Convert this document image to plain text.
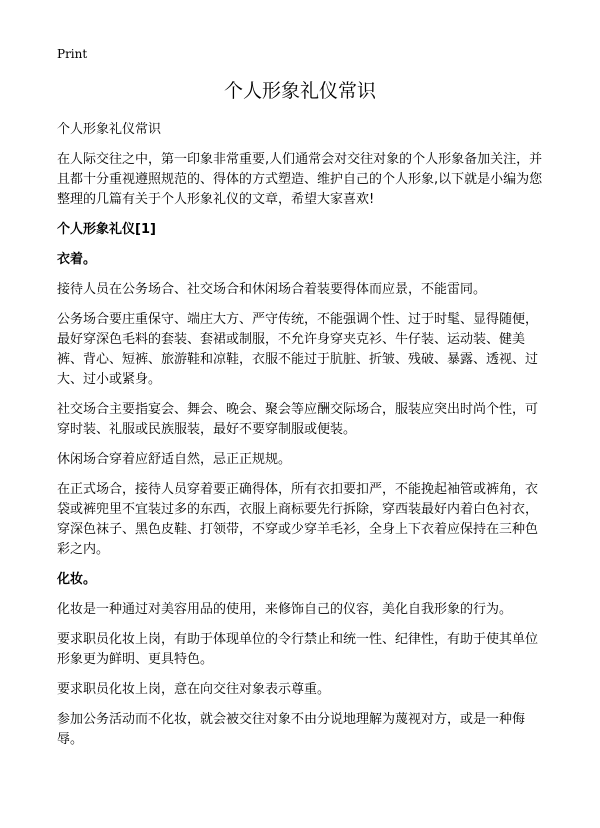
Print
个人形象礼仪常识

个人形象礼仪常识

在人际交往之中，第一印象非常重要,人们通常会对交往对象的个人形象备加关注，并且都十分重视遵照规范的、得体的方式塑造、维护自己的个人形象,以下就是小编为您整理的几篇有关于个人形象礼仪的文章，希望大家喜欢!

个人形象礼仪[1]
衣着。

接待人员在公务场合、社交场合和休闲场合着装要得体而应景，不能雷同。

公务场合要庄重保守、端庄大方、严守传统，不能强调个性、过于时髦、显得随便，最好穿深色毛料的套装、套裙或制服，不允许身穿夹克衫、牛仔装、运动装、健美裤、背心、短裤、旅游鞋和凉鞋，衣服不能过于肮脏、折皱、残破、暴露、透视、过大、过小或紧身。

社交场合主要指宴会、舞会、晚会、聚会等应酬交际场合，服装应突出时尚个性，可穿时装、礼服或民族服装，最好不要穿制服或便装。

休闲场合穿着应舒适自然，忌正正规规。

在正式场合，接待人员穿着要正确得体，所有衣扣要扣严，不能挽起袖管或裤角，衣袋或裤兜里不宜装过多的东西，衣服上商标要先行拆除，穿西装最好内着白色衬衣，穿深色袜子、黑色皮鞋、打领带，不穿或少穿羊毛衫，全身上下衣着应保持在三种色彩之内。

化妆。

化妆是一种通过对美容用品的使用，来修饰自己的仪容，美化自我形象的行为。

要求职员化妆上岗，有助于体现单位的令行禁止和统一性、纪律性，有助于使其单位形象更为鲜明、更具特色。

要求职员化妆上岗，意在向交往对象表示尊重。

参加公务活动而不化妆，就会被交往对象不由分说地理解为蔑视对方，或是一种侮辱。
